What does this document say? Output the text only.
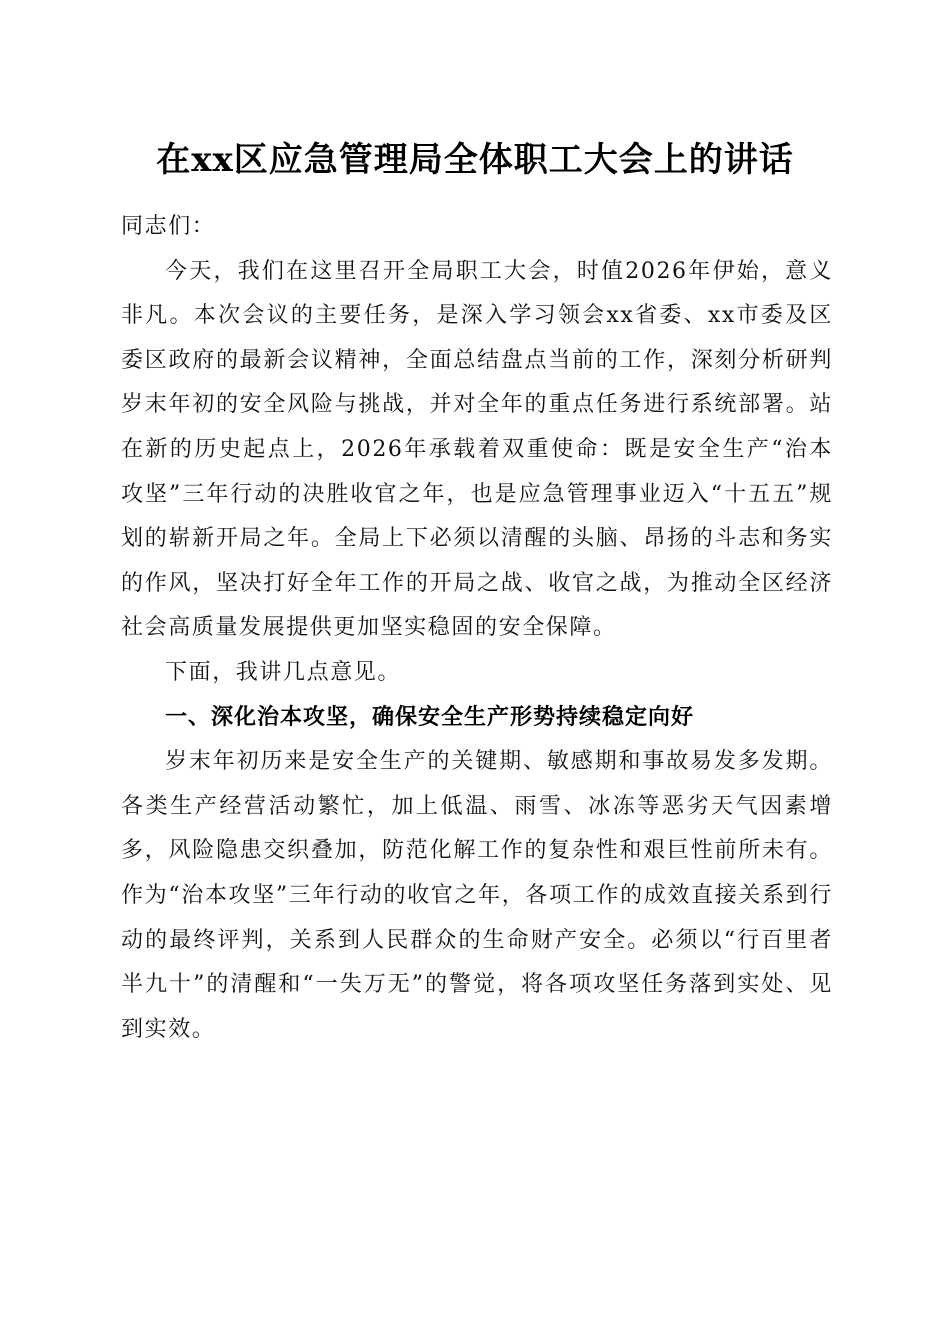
在xx区应急管理局全体职工大会上的讲话

同志们：

今天，我们在这里召开全局职工大会，时值2026年伊始，意义非凡。本次会议的主要任务，是深入学习领会xx省委、xx市委及区委区政府的最新会议精神，全面总结盘点当前的工作，深刻分析研判岁末年初的安全风险与挑战，并对全年的重点任务进行系统部署。站在新的历史起点上，2026年承载着双重使命：既是安全生产“治本攻坚”三年行动的决胜收官之年，也是应急管理事业迈入“十五五”规划的崭新开局之年。全局上下必须以清醒的头脑、昂扬的斗志和务实的作风，坚决打好全年工作的开局之战、收官之战，为推动全区经济社会高质量发展提供更加坚实稳固的安全保障。

下面，我讲几点意见。

一、深化治本攻坚，确保安全生产形势持续稳定向好

岁末年初历来是安全生产的关键期、敏感期和事故易发多发期。各类生产经营活动繁忙，加上低温、雨雪、冰冻等恶劣天气因素增多，风险隐患交织叠加，防范化解工作的复杂性和艰巨性前所未有。作为“治本攻坚”三年行动的收官之年，各项工作的成效直接关系到行动的最终评判，关系到人民群众的生命财产安全。必须以“行百里者半九十”的清醒和“一失万无”的警觉，将各项攻坚任务落到实处、见到实效。
